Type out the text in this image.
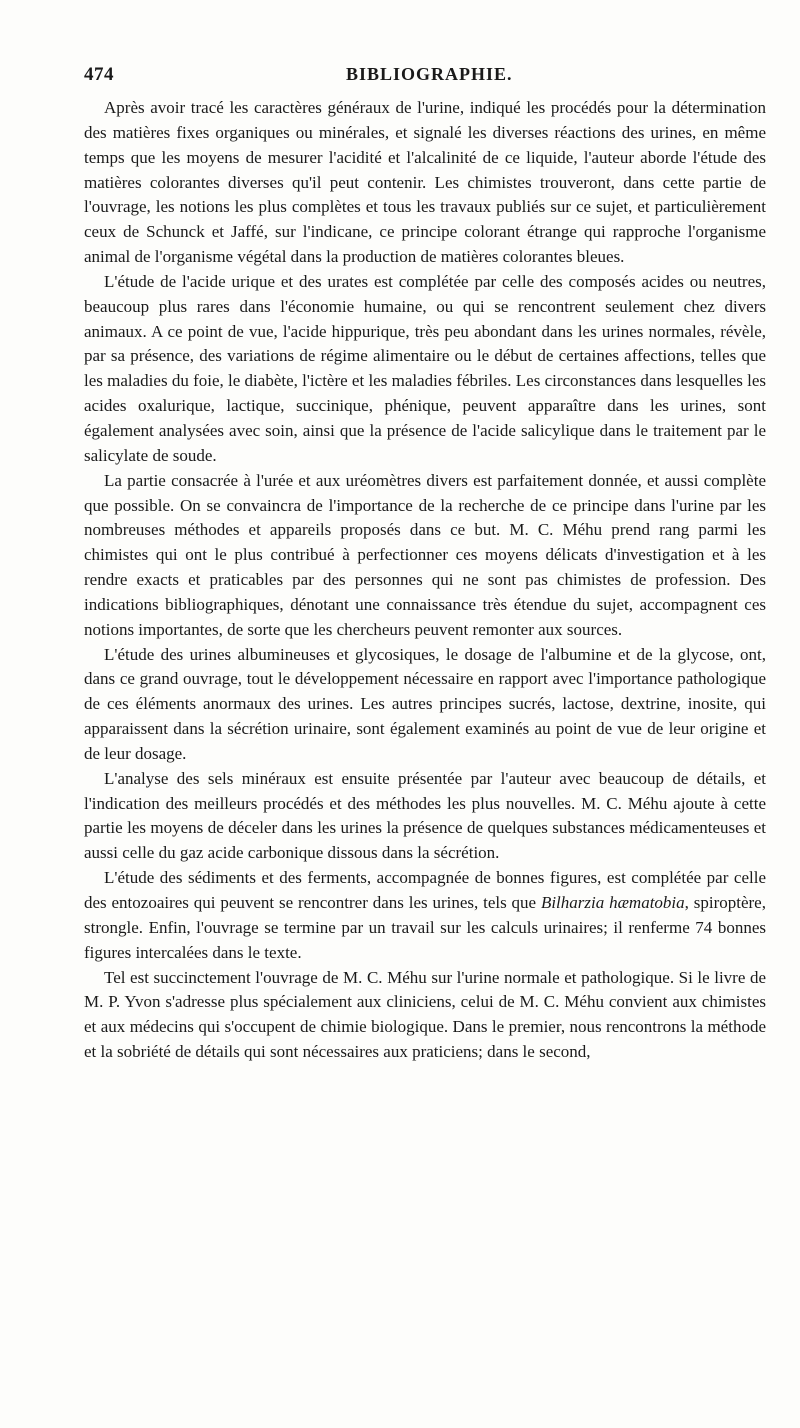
474	BIBLIOGRAPHIE.

Après avoir tracé les caractères généraux de l'urine, indiqué les procédés pour la détermination des matières fixes organiques ou minérales, et signalé les diverses réactions des urines, en même temps que les moyens de mesurer l'acidité et l'alcalinité de ce liquide, l'auteur aborde l'étude des matières colorantes diverses qu'il peut contenir. Les chimistes trouveront, dans cette partie de l'ouvrage, les notions les plus complètes et tous les travaux publiés sur ce sujet, et particulièrement ceux de Schunck et Jaffé, sur l'indicane, ce principe colorant étrange qui rapproche l'organisme animal de l'organisme végétal dans la production de matières colorantes bleues.

L'étude de l'acide urique et des urates est complétée par celle des composés acides ou neutres, beaucoup plus rares dans l'économie humaine, ou qui se rencontrent seulement chez divers animaux. A ce point de vue, l'acide hippurique, très peu abondant dans les urines normales, révèle, par sa présence, des variations de régime alimentaire ou le début de certaines affections, telles que les maladies du foie, le diabète, l'ictère et les maladies fébriles. Les circonstances dans lesquelles les acides oxalurique, lactique, succinique, phénique, peuvent apparaître dans les urines, sont également analysées avec soin, ainsi que la présence de l'acide salicylique dans le traitement par le salicylate de soude.

La partie consacrée à l'urée et aux uréomètres divers est parfaitement donnée, et aussi complète que possible. On se convaincra de l'importance de la recherche de ce principe dans l'urine par les nombreuses méthodes et appareils proposés dans ce but. M. C. Méhu prend rang parmi les chimistes qui ont le plus contribué à perfectionner ces moyens délicats d'investigation et à les rendre exacts et praticables par des personnes qui ne sont pas chimistes de profession. Des indications bibliographiques, dénotant une connaissance très étendue du sujet, accompagnent ces notions importantes, de sorte que les chercheurs peuvent remonter aux sources.

L'étude des urines albumineuses et glycosiques, le dosage de l'albumine et de la glycose, ont, dans ce grand ouvrage, tout le développement nécessaire en rapport avec l'importance pathologique de ces éléments anormaux des urines. Les autres principes sucrés, lactose, dextrine, inosite, qui apparaissent dans la sécrétion urinaire, sont également examinés au point de vue de leur origine et de leur dosage.

L'analyse des sels minéraux est ensuite présentée par l'auteur avec beaucoup de détails, et l'indication des meilleurs procédés et des méthodes les plus nouvelles. M. C. Méhu ajoute à cette partie les moyens de déceler dans les urines la présence de quelques substances médicamenteuses et aussi celle du gaz acide carbonique dissous dans la sécrétion.

L'étude des sédiments et des ferments, accompagnée de bonnes figures, est complétée par celle des entozoaires qui peuvent se rencontrer dans les urines, tels que Bilharzia hæmatobia, spiroptère, strongle. Enfin, l'ouvrage se termine par un travail sur les calculs urinaires; il renferme 74 bonnes figures intercalées dans le texte.

Tel est succinctement l'ouvrage de M. C. Méhu sur l'urine normale et pathologique. Si le livre de M. P. Yvon s'adresse plus spécialement aux cliniciens, celui de M. C. Méhu convient aux chimistes et aux médecins qui s'occupent de chimie biologique. Dans le premier, nous rencontrons la méthode et la sobriété de détails qui sont nécessaires aux praticiens; dans le second,
